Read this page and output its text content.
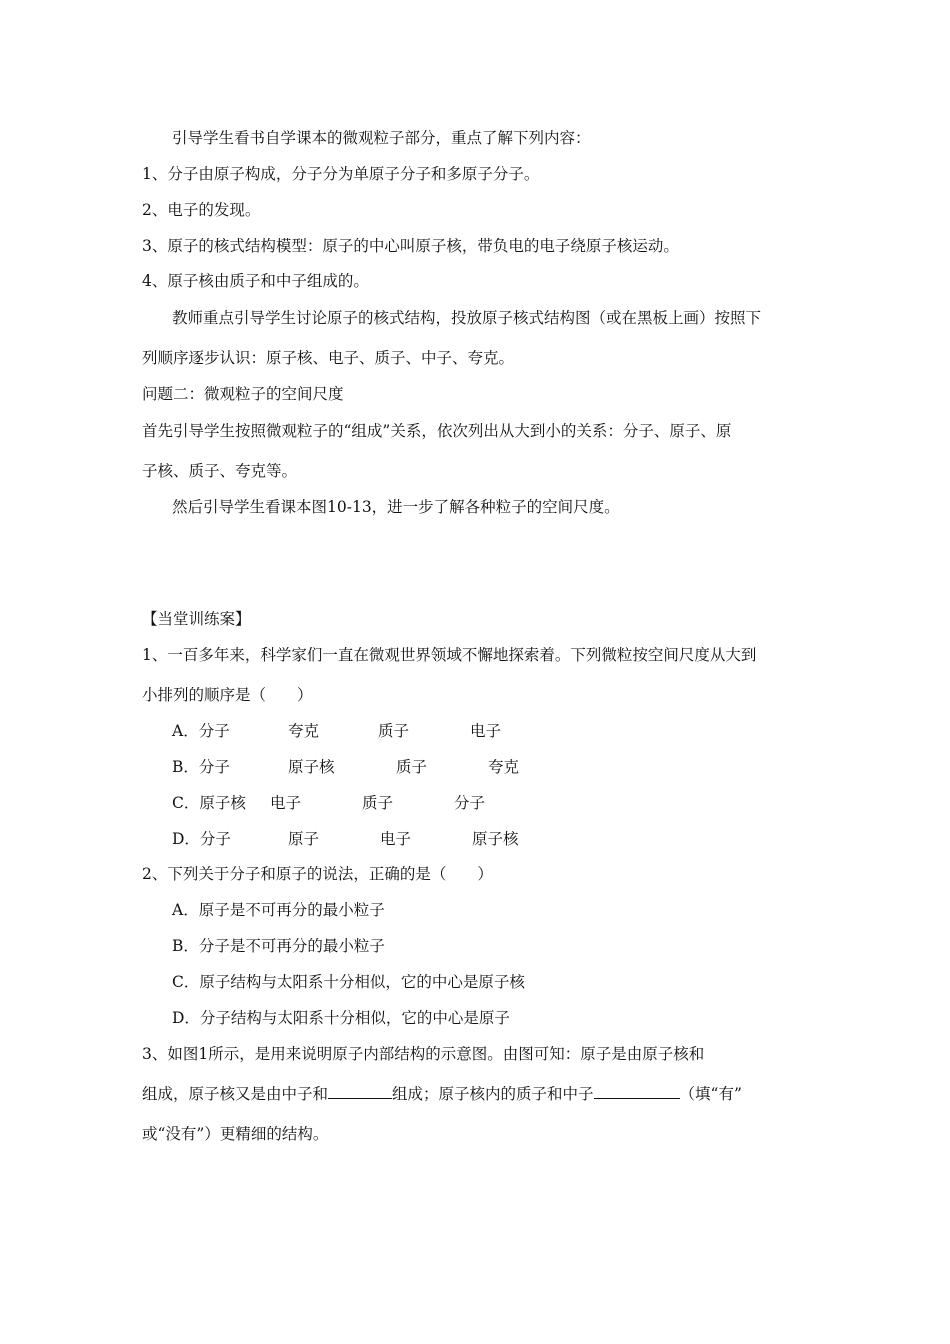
引导学生看书自学课本的微观粒子部分，重点了解下列内容：
1、分子由原子构成，分子分为单原子分子和多原子分子。
2、电子的发现。
3、原子的核式结构模型：原子的中心叫原子核，带负电的电子绕原子核运动。
4、原子核由质子和中子组成的。
教师重点引导学生讨论原子的核式结构，投放原子核式结构图（或在黑板上画）按照下
列顺序逐步认识：原子核、电子、质子、中子、夸克。
问题二：微观粒子的空间尺度
首先引导学生按照微观粒子的“组成”关系，依次列出从大到小的关系：分子、原子、原
子核、质子、夸克等。
然后引导学生看课本图10-13，进一步了解各种粒子的空间尺度。
【当堂训练案】
1、一百多年来，科学家们一直在微观世界领域不懈地探索着。下列微粒按空间尺度从大到
小排列的顺序是（　　）
A．分子	夸克	质子	电子
B．分子	原子核	质子	夸克
C．原子核 电子	质子	分子
D．分子	原子	电子	原子核
2、下列关于分子和原子的说法，正确的是（　　）
A．原子是不可再分的最小粒子
B．分子是不可再分的最小粒子
C．原子结构与太阳系十分相似，它的中心是原子核
D．分子结构与太阳系十分相似，它的中心是原子
3、如图1所示，是用来说明原子内部结构的示意图。由图可知：原子是由原子核和
组成，原子核又是由中子和	组成；原子核内的质子和中子	（填“有”
或“没有”）更精细的结构。
